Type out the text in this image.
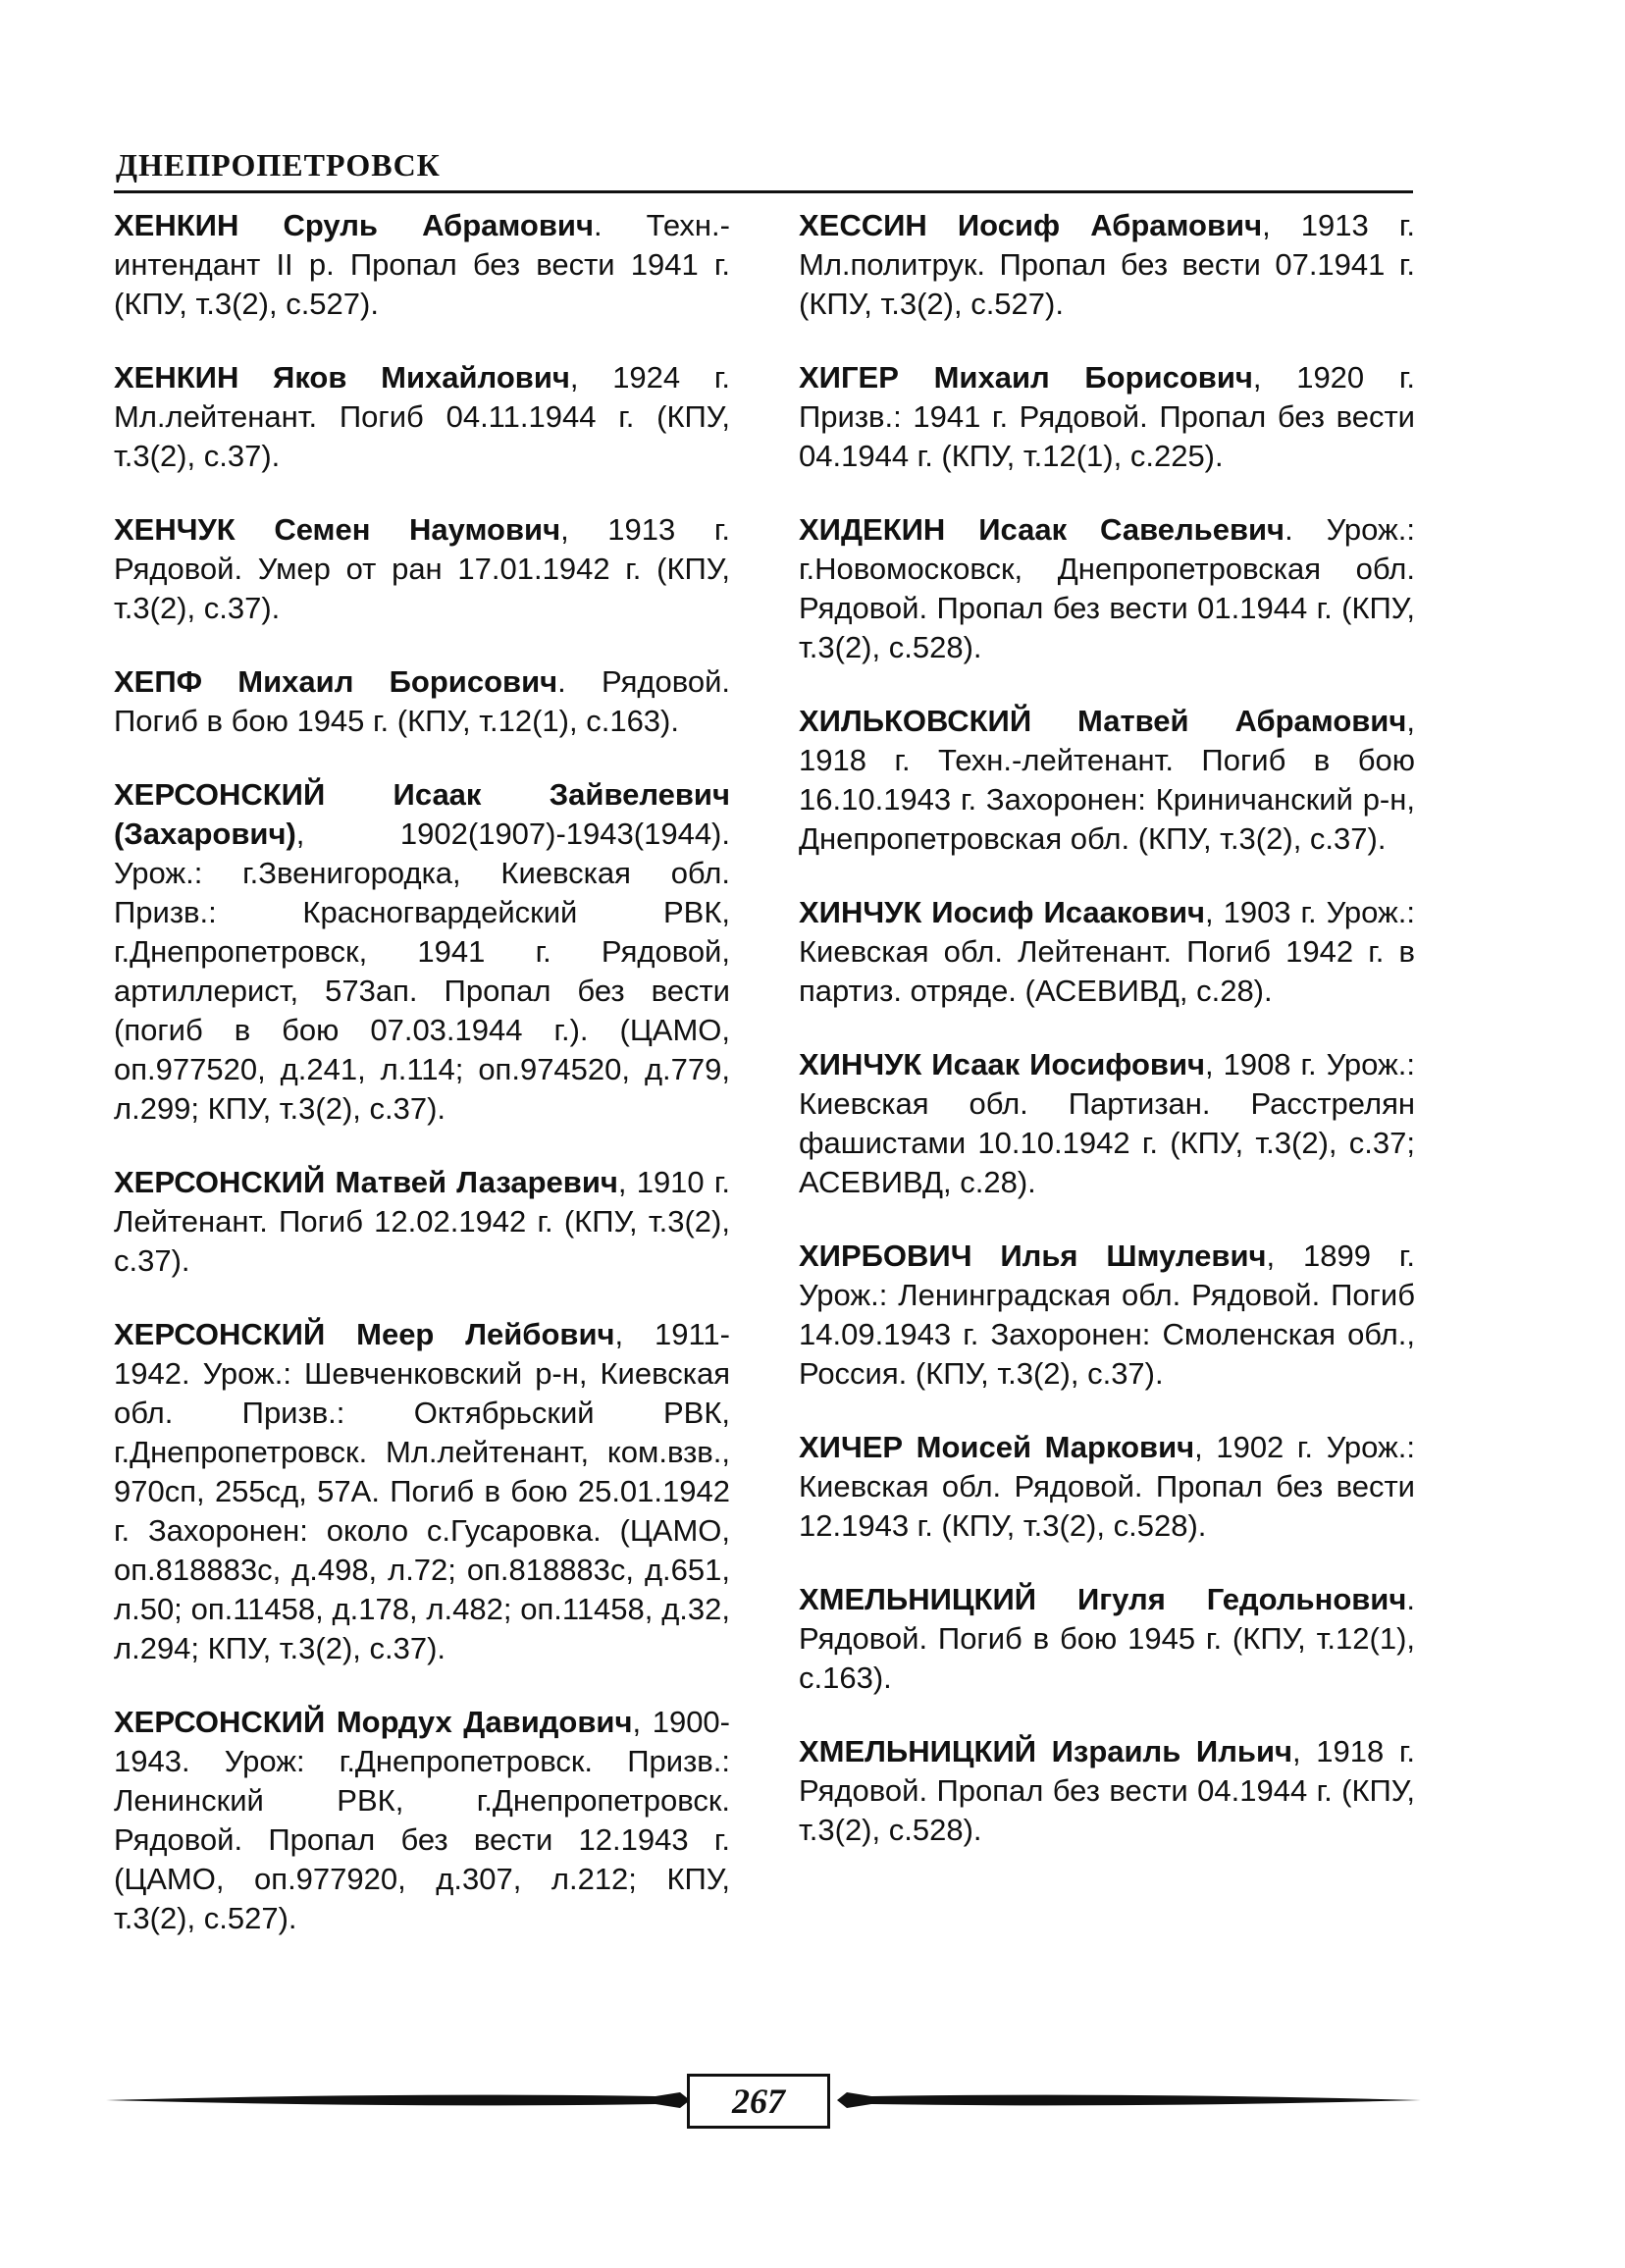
ДНЕПРОПЕТРОВСК

ХЕНКИН Сруль Абрамович. Техн.-интендант II р. Пропал без вести 1941 г. (КПУ, т.3(2), с.527).

ХЕНКИН Яков Михайлович, 1924 г. Мл.лейтенант. Погиб 04.11.1944 г. (КПУ, т.3(2), с.37).

ХЕНЧУК Семен Наумович, 1913 г. Рядовой. Умер от ран 17.01.1942 г. (КПУ, т.3(2), с.37).

ХЕПФ Михаил Борисович. Рядовой. Погиб в бою 1945 г. (КПУ, т.12(1), с.163).

ХЕРСОНСКИЙ Исаак Зайвелевич (Захарович), 1902(1907)-1943(1944). Урож.: г.Звенигородка, Киевская обл. Призв.: Красногвардейский РВК, г.Днепропетровск, 1941 г. Рядовой, артиллерист, 573ап. Пропал без вести (погиб в бою 07.03.1944 г.). (ЦАМО, оп.977520, д.241, л.114; оп.974520, д.779, л.299; КПУ, т.3(2), с.37).

ХЕРСОНСКИЙ Матвей Лазаревич, 1910 г. Лейтенант. Погиб 12.02.1942 г. (КПУ, т.3(2), с.37).

ХЕРСОНСКИЙ Меер Лейбович, 1911-1942. Урож.: Шевченковский р-н, Киевская обл. Призв.: Октябрьский РВК, г.Днепропетровск. Мл.лейтенант, ком.взв., 970сп, 255сд, 57А. Погиб в бою 25.01.1942 г. Захоронен: около с.Гусаровка. (ЦАМО, оп.818883с, д.498, л.72; оп.818883с, д.651, л.50; оп.11458, д.178, л.482; оп.11458, д.32, л.294; КПУ, т.3(2), с.37).

ХЕРСОНСКИЙ Мордух Давидович, 1900-1943. Урож: г.Днепропетровск. Призв.: Ленинский РВК, г.Днепропетровск. Рядовой. Пропал без вести 12.1943 г. (ЦАМО, оп.977920, д.307, л.212; КПУ, т.3(2), с.527).

ХЕССИН Иосиф Абрамович, 1913 г. Мл.политрук. Пропал без вести 07.1941 г. (КПУ, т.3(2), с.527).

ХИГЕР Михаил Борисович, 1920 г. Призв.: 1941 г. Рядовой. Пропал без вести 04.1944 г. (КПУ, т.12(1), с.225).

ХИДЕКИН Исаак Савельевич. Урож.: г.Новомосковск, Днепропетровская обл. Рядовой. Пропал без вести 01.1944 г. (КПУ, т.3(2), с.528).

ХИЛЬКОВСКИЙ Матвей Абрамович, 1918 г. Техн.-лейтенант. Погиб в бою 16.10.1943 г. Захоронен: Криничанский р-н, Днепропетровская обл. (КПУ, т.3(2), с.37).

ХИНЧУК Иосиф Исаакович, 1903 г. Урож.: Киевская обл. Лейтенант. Погиб 1942 г. в партиз. отряде. (АСЕВИВД, с.28).

ХИНЧУК Исаак Иосифович, 1908 г. Урож.: Киевская обл. Партизан. Расстрелян фашистами 10.10.1942 г. (КПУ, т.3(2), с.37; АСЕВИВД, с.28).

ХИРБОВИЧ Илья Шмулевич, 1899 г. Урож.: Ленинградская обл. Рядовой. Погиб 14.09.1943 г. Захоронен: Смоленская обл., Россия. (КПУ, т.3(2), с.37).

ХИЧЕР Моисей Маркович, 1902 г. Урож.: Киевская обл. Рядовой. Пропал без вести 12.1943 г. (КПУ, т.3(2), с.528).

ХМЕЛЬНИЦКИЙ Игуля Гедольнович. Рядовой. Погиб в бою 1945 г. (КПУ, т.12(1), с.163).

ХМЕЛЬНИЦКИЙ Израиль Ильич, 1918 г. Рядовой. Пропал без вести 04.1944 г. (КПУ, т.3(2), с.528).

267
